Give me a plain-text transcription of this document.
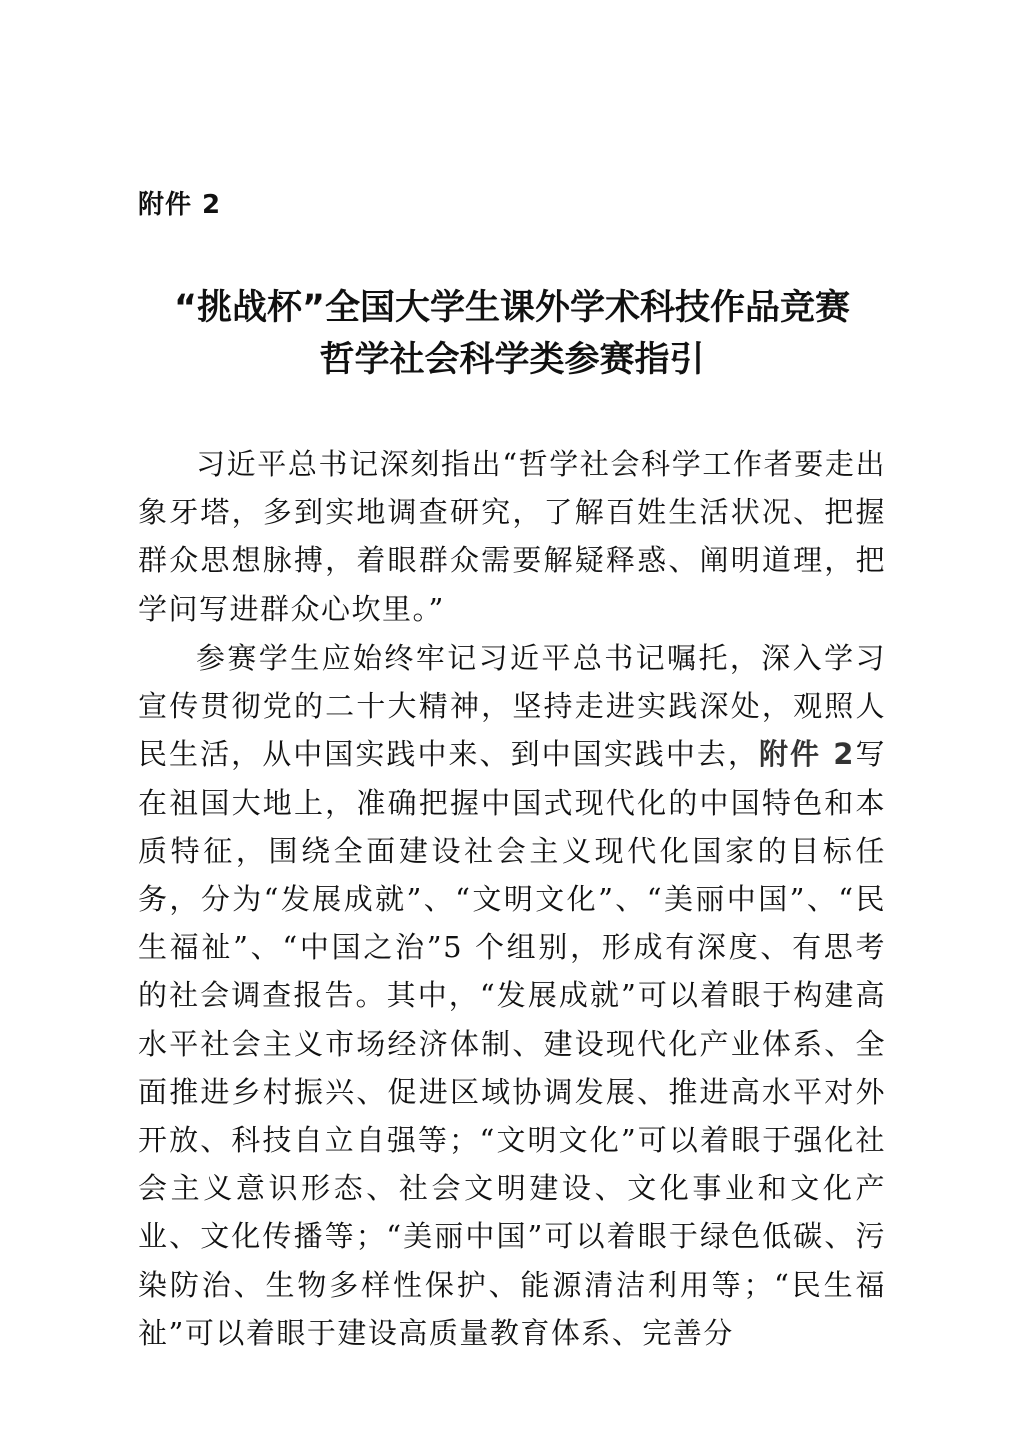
附件 2
“挑战杯”全国大学生课外学术科技作品竞赛
哲学社会科学类参赛指引

习近平总书记深刻指出“哲学社会科学工作者要走出象牙塔，多到实地调查研究，了解百姓生活状况、把握群众思想脉搏，着眼群众需要解疑释惑、阐明道理，把学问写进群众心坎里。”

参赛学生应始终牢记习近平总书记嘱托，深入学习宣传贯彻党的二十大精神，坚持走进实践深处，观照人民生活，从中国实践中来、到中国实践中去，附件 2写在祖国大地上，准确把握中国式现代化的中国特色和本质特征，围绕全面建设社会主义现代化国家的目标任务，分为“发展成就”、“文明文化”、“美丽中国”、“民生福祉”、“中国之治”5 个组别，形成有深度、有思考的社会调查报告。其中，“发展成就”可以着眼于构建高水平社会主义市场经济体制、建设现代化产业体系、全面推进乡村振兴、促进区域协调发展、推进高水平对外开放、科技自立自强等；“文明文化”可以着眼于强化社会主义意识形态、社会文明建设、文化事业和文化产业、文化传播等；“美丽中国”可以着眼于绿色低碳、污染防治、生物多样性保护、能源清洁利用等；“民生福祉”可以着眼于建设高质量教育体系、完善分
